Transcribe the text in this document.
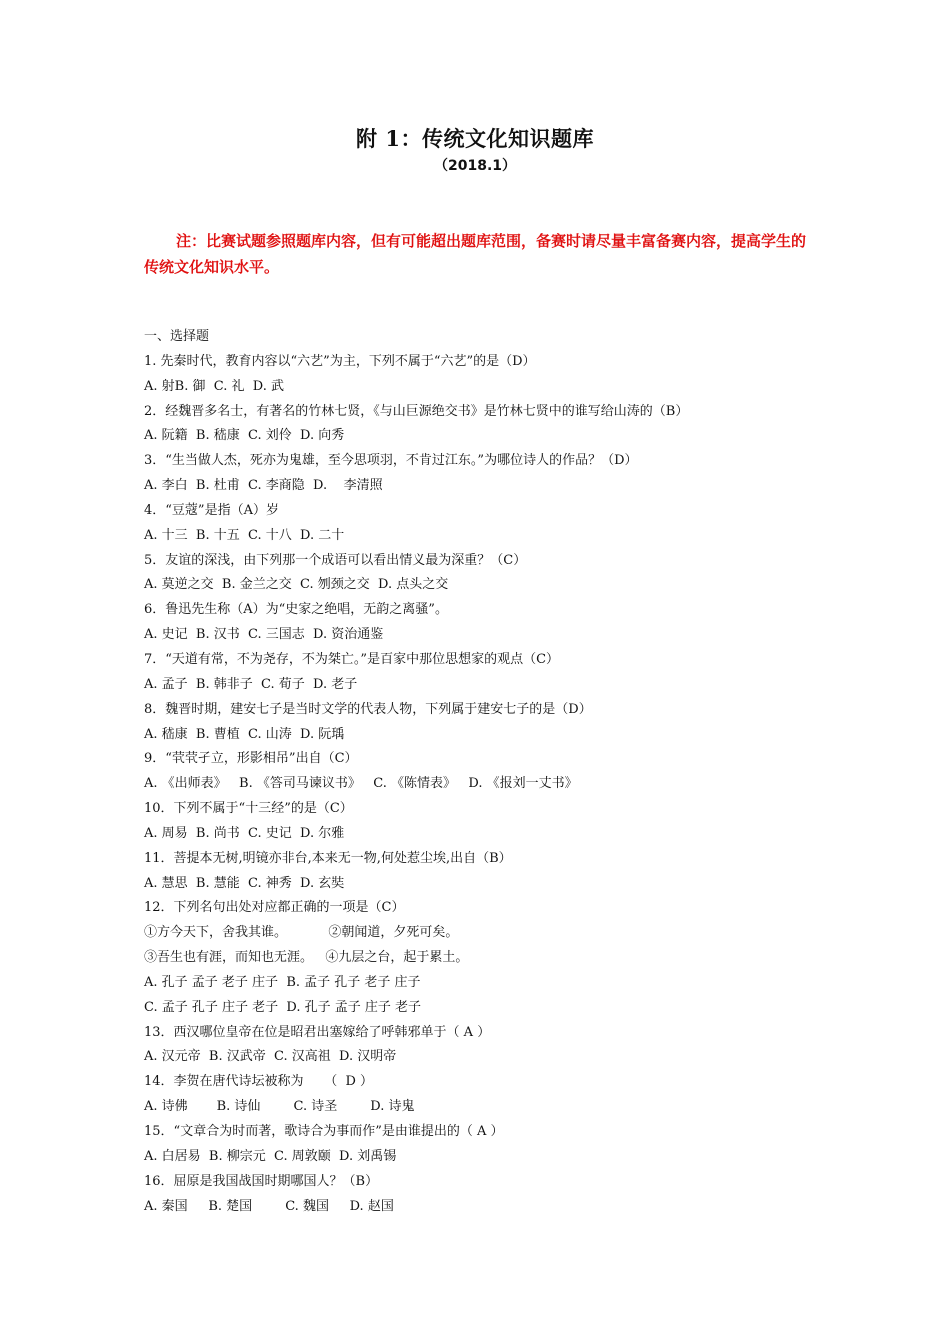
附 1：传统文化知识题库
（2018.1）
注：比赛试题参照题库内容，但有可能超出题库范围，备赛时请尽量丰富备赛内容，提高学生的传统文化知识水平。
一、选择题
1. 先秦时代，教育内容以“六艺”为主，下列不属于“六艺”的是（D）
A. 射B. 御  C. 礼  D. 武
2．经魏晋多名士，有著名的竹林七贤，《与山巨源绝交书》是竹林七贤中的谁写给山涛的（B）
A. 阮籍  B. 嵇康  C. 刘伶  D. 向秀
3．“生当做人杰，死亦为鬼雄，至今思项羽，不肯过江东。”为哪位诗人的作品？（D）
A. 李白  B. 杜甫  C. 李商隐  D.    李清照
4．“豆蔻”是指（A）岁
A. 十三  B. 十五  C. 十八  D. 二十
5．友谊的深浅，由下列那一个成语可以看出情义最为深重？（C）
A. 莫逆之交  B. 金兰之交  C. 刎颈之交  D. 点头之交
6．鲁迅先生称（A）为“史家之绝唱，无韵之离骚”。
A. 史记  B. 汉书  C. 三国志  D. 资治通鉴
7．“天道有常，不为尧存，不为桀亡。”是百家中那位思想家的观点（C）
A. 孟子  B. 韩非子  C. 荀子  D. 老子
8．魏晋时期，建安七子是当时文学的代表人物，下列属于建安七子的是（D）
A. 嵇康  B. 曹植  C. 山涛  D. 阮瑀
9．“茕茕孑立，形影相吊”出自（C）
A. 《出师表》   B. 《答司马谏议书》   C. 《陈情表》   D. 《报刘一丈书》
10．下列不属于“十三经”的是（C）
A. 周易  B. 尚书  C. 史记  D. 尔雅
11．菩提本无树,明镜亦非台,本来无一物,何处惹尘埃,出自（B）
A. 慧思  B. 慧能  C. 神秀  D. 玄奘
12．下列名句出处对应都正确的一项是（C）
①方今天下，舍我其谁。          ②朝闻道，夕死可矣。
③吾生也有涯，而知也无涯。   ④九层之台，起于累土。
A. 孔子 孟子 老子 庄子  B. 孟子 孔子 老子 庄子
C. 孟子 孔子 庄子 老子  D. 孔子 孟子 庄子 老子
13．西汉哪位皇帝在位是昭君出塞嫁给了呼韩邪单于（ A ）
A. 汉元帝  B. 汉武帝  C. 汉高祖  D. 汉明帝
14．李贺在唐代诗坛被称为     （  D ）
A. 诗佛       B. 诗仙        C. 诗圣        D. 诗鬼
15．“文章合为时而著，歌诗合为事而作”是由谁提出的（ A ）
A. 白居易  B. 柳宗元  C. 周敦颐  D. 刘禹锡
16．屈原是我国战国时期哪国人？（B）
A. 秦国     B. 楚国        C. 魏国     D. 赵国
